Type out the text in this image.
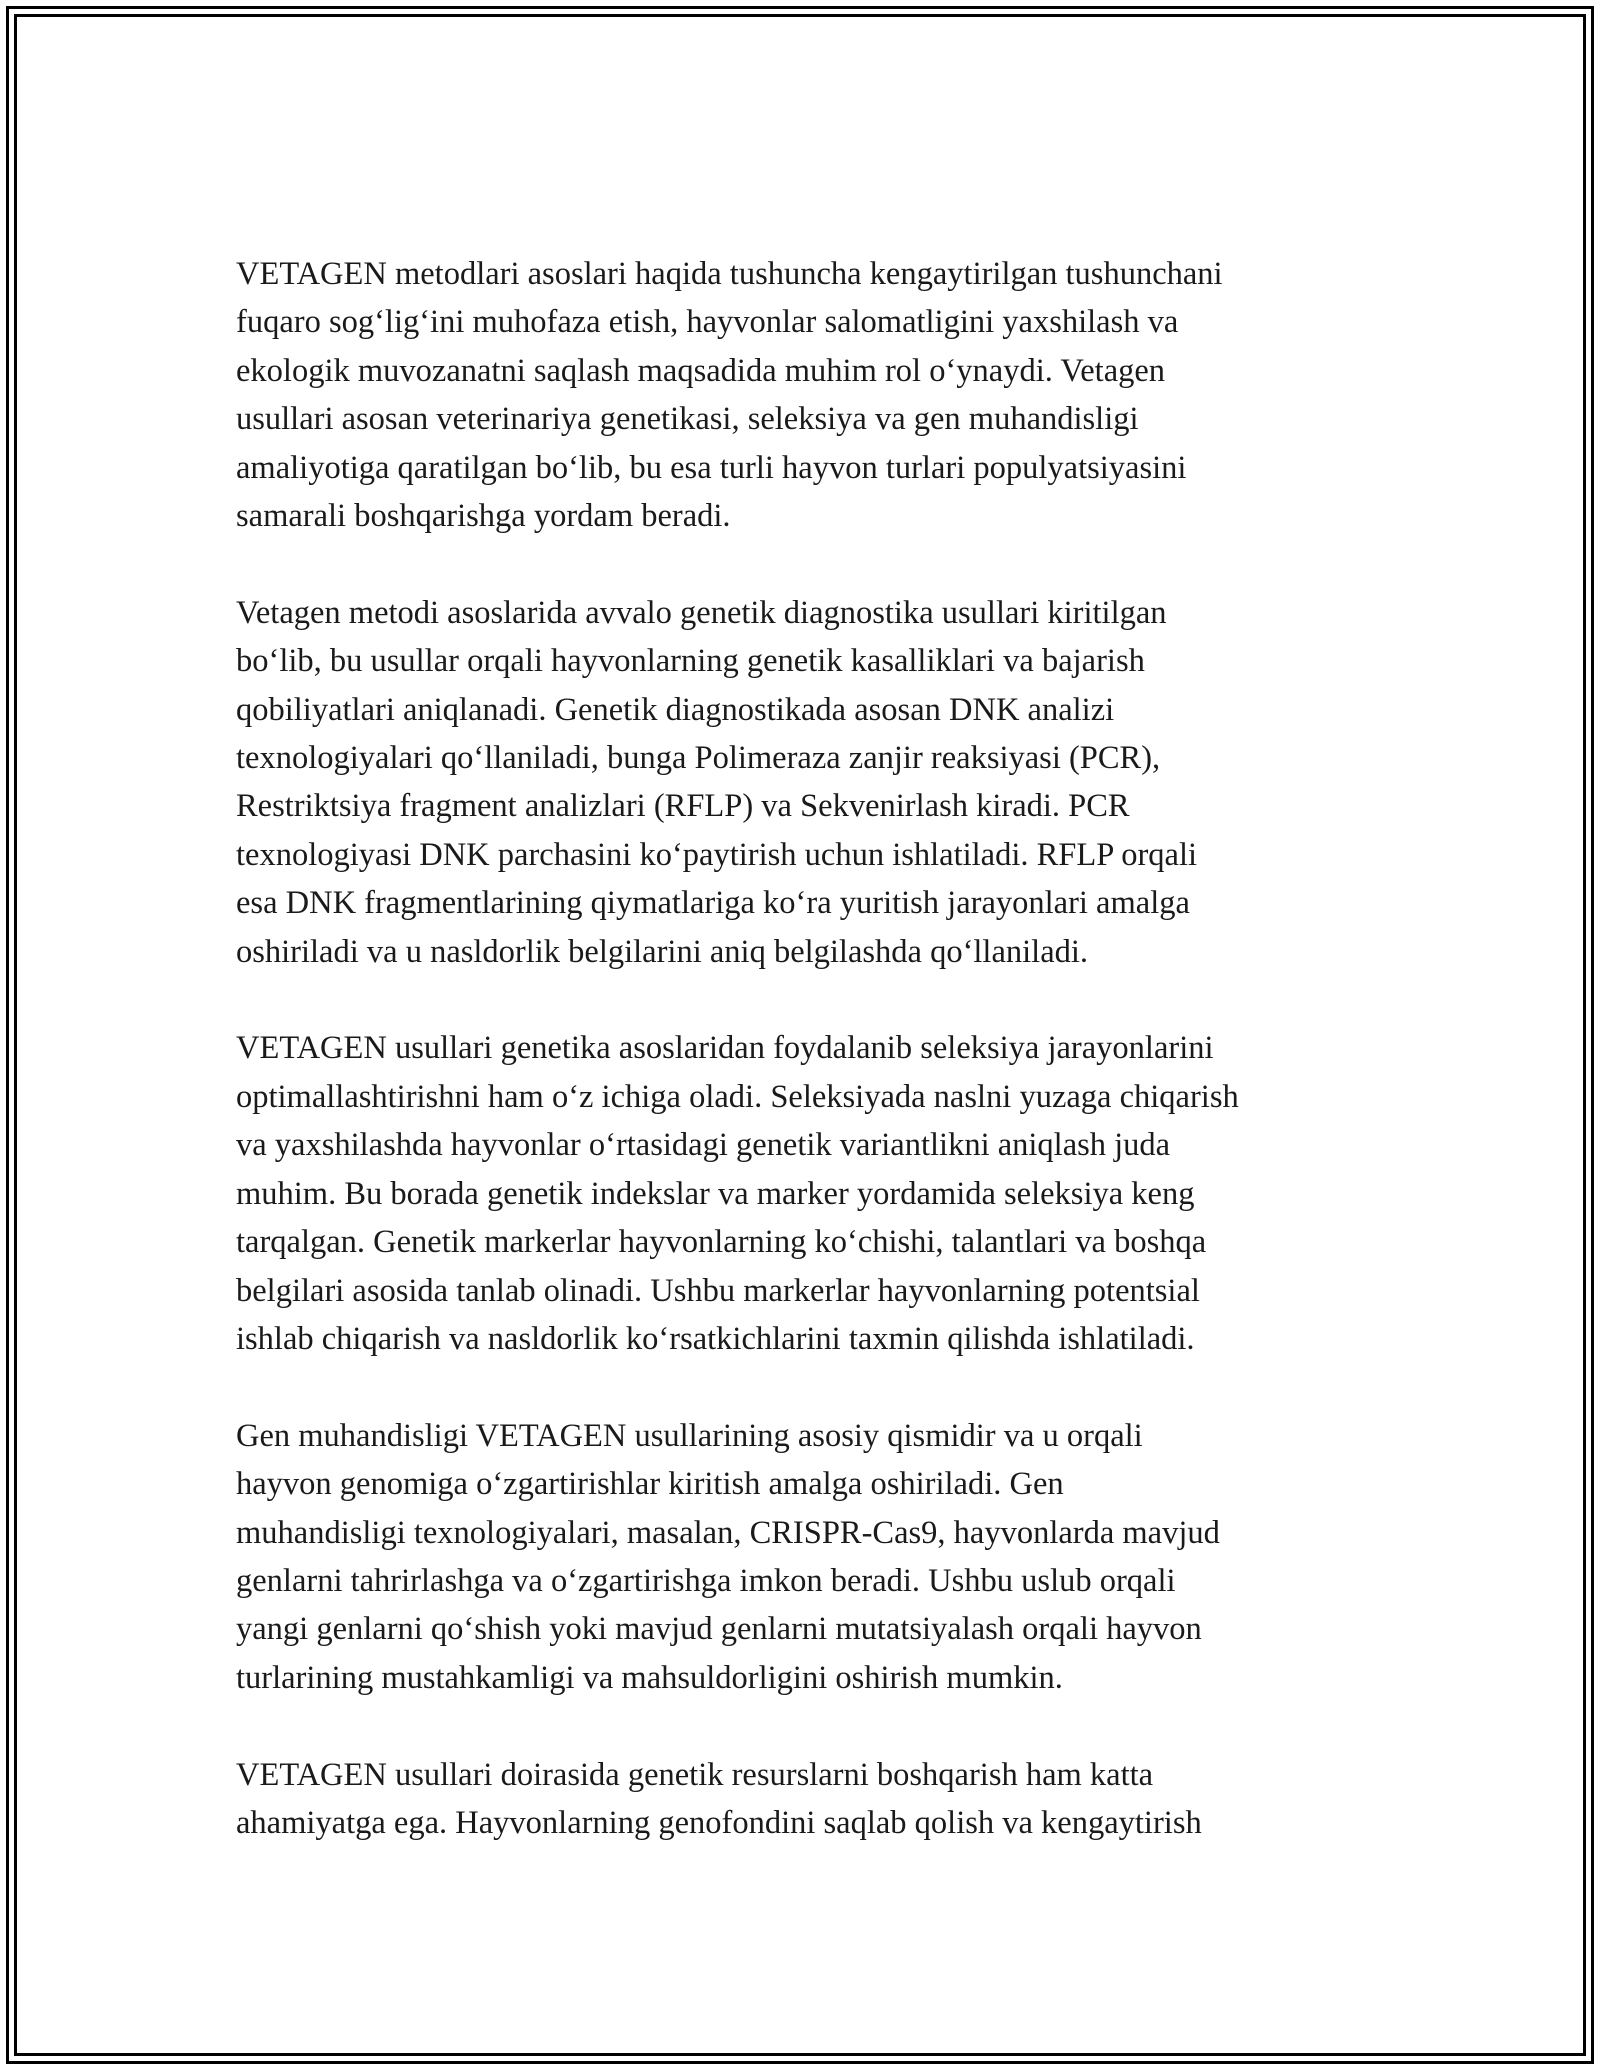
VETAGEN metodlari asoslari haqida tushuncha kengaytirilgan tushunchani
fuqaro sog‘lig‘ini muhofaza etish, hayvonlar salomatligini yaxshilash va
ekologik muvozanatni saqlash maqsadida muhim rol o‘ynaydi. Vetagen
usullari asosan veterinariya genetikasi, seleksiya va gen muhandisligi
amaliyotiga qaratilgan bo‘lib, bu esa turli hayvon turlari populyatsiyasini
samarali boshqarishga yordam beradi.

Vetagen metodi asoslarida avvalo genetik diagnostika usullari kiritilgan
bo‘lib, bu usullar orqali hayvonlarning genetik kasalliklari va bajarish
qobiliyatlari aniqlanadi. Genetik diagnostikada asosan DNK analizi
texnologiyalari qo‘llaniladi, bunga Polimeraza zanjir reaksiyasi (PCR),
Restriktsiya fragment analizlari (RFLP) va Sekvenirlash kiradi. PCR
texnologiyasi DNK parchasini ko‘paytirish uchun ishlatiladi. RFLP orqali
esa DNK fragmentlarining qiymatlariga ko‘ra yuritish jarayonlari amalga
oshiriladi va u nasldorlik belgilarini aniq belgilashda qo‘llaniladi.

VETAGEN usullari genetika asoslaridan foydalanib seleksiya jarayonlarini
optimallashtirishni ham o‘z ichiga oladi. Seleksiyada naslni yuzaga chiqarish
va yaxshilashda hayvonlar o‘rtasidagi genetik variantlikni aniqlash juda
muhim. Bu borada genetik indekslar va marker yordamida seleksiya keng
tarqalgan. Genetik markerlar hayvonlarning ko‘chishi, talantlari va boshqa
belgilari asosida tanlab olinadi. Ushbu markerlar hayvonlarning potentsial
ishlab chiqarish va nasldorlik ko‘rsatkichlarini taxmin qilishda ishlatiladi.

Gen muhandisligi VETAGEN usullarining asosiy qismidir va u orqali
hayvon genomiga o‘zgartirishlar kiritish amalga oshiriladi. Gen
muhandisligi texnologiyalari, masalan, CRISPR-Cas9, hayvonlarda mavjud
genlarni tahrirlashga va o‘zgartirishga imkon beradi. Ushbu uslub orqali
yangi genlarni qo‘shish yoki mavjud genlarni mutatsiyalash orqali hayvon
turlarining mustahkamligi va mahsuldorligini oshirish mumkin.

VETAGEN usullari doirasida genetik resurslarni boshqarish ham katta
ahamiyatga ega. Hayvonlarning genofondini saqlab qolish va kengaytirish
